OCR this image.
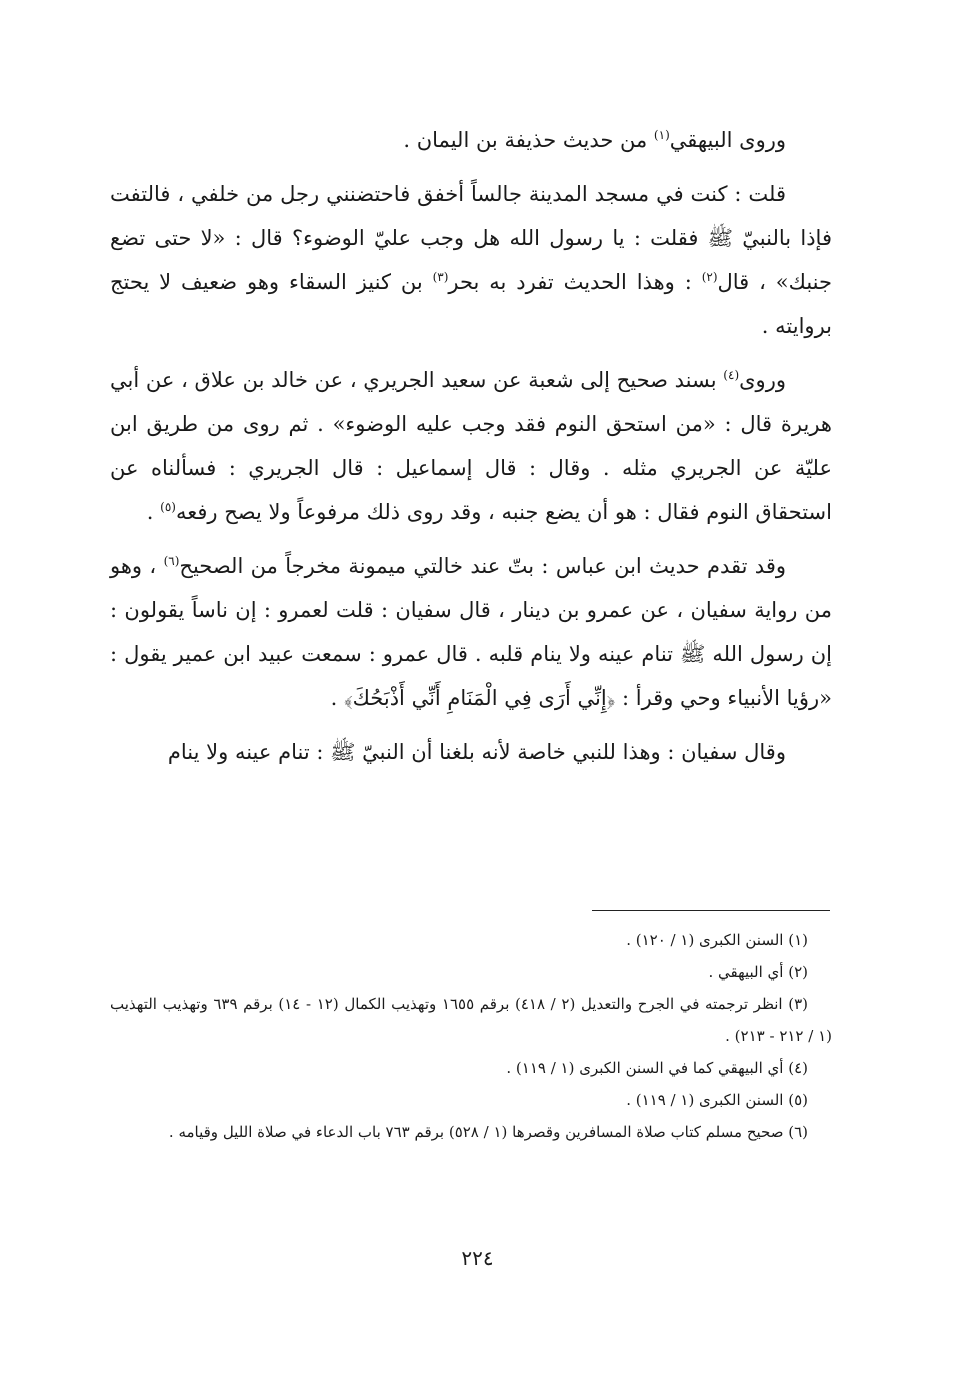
وروى البيهقي$^{(١)}$ من حديث حذيفة بن اليمان .

قلت : كنت في مسجد المدينة جالساً أخفق فاحتضنني رجل من خلفي ، فالتفت فإذا بالنبيّ ﷺ فقلت : يا رسول الله هل وجب عليّ الوضوء؟ قال : «لا حتى تضع جنبك» ، قال$^{(٢)}$ : وهذا الحديث تفرد به بحر$^{(٣)}$ بن كنيز السقاء وهو ضعيف لا يحتج بروايته .

وروى$^{(٤)}$ بسند صحيح إلى شعبة عن سعيد الجريري ، عن خالد بن علاق ، عن أبي هريرة قال : «من استحق النوم فقد وجب عليه الوضوء» . ثم روى من طريق ابن عليّة عن الجريري مثله . وقال : قال إسماعيل : قال الجريري : فسألناه عن استحقاق النوم فقال : هو أن يضع جنبه ، وقد روى ذلك مرفوعاً ولا يصح رفعه$^{(٥)}$ .

وقد تقدم حديث ابن عباس : بتّ عند خالتي ميمونة مخرجاً من الصحيح$^{(٦)}$ ، وهو من رواية سفيان ، عن عمرو بن دينار ، قال سفيان : قلت لعمرو : إن ناساً يقولون : إن رسول الله ﷺ تنام عينه ولا ينام قلبه . قال عمرو : سمعت عبيد ابن عمير يقول : «رؤيا الأنبياء وحي وقرأ : ﴿إِنِّي أَرَى فِي الْمَنَامِ أَنِّي أَذْبَحُكَ﴾ .

وقال سفيان : وهذا للنبي خاصة لأنه بلغنا أن النبيّ ﷺ : تنام عينه ولا ينام

(١) السنن الكبرى (١ / ١٢٠) .

(٢) أي البيهقي .

(٣) انظر ترجمته في الجرح والتعديل (٢ / ٤١٨) برقم ١٦٥٥ وتهذيب الكمال (١٢ - ١٤) برقم ٦٣٩ وتهذيب التهذيب (١ / ٢١٢ - ٢١٣) .

(٤) أي البيهقي كما في السنن الكبرى (١ / ١١٩) .

(٥) السنن الكبرى (١ / ١١٩) .

(٦) صحيح مسلم كتاب صلاة المسافرين وقصرها (١ / ٥٢٨) برقم ٧٦٣ باب الدعاء في صلاة الليل وقيامه .

٢٢٤
